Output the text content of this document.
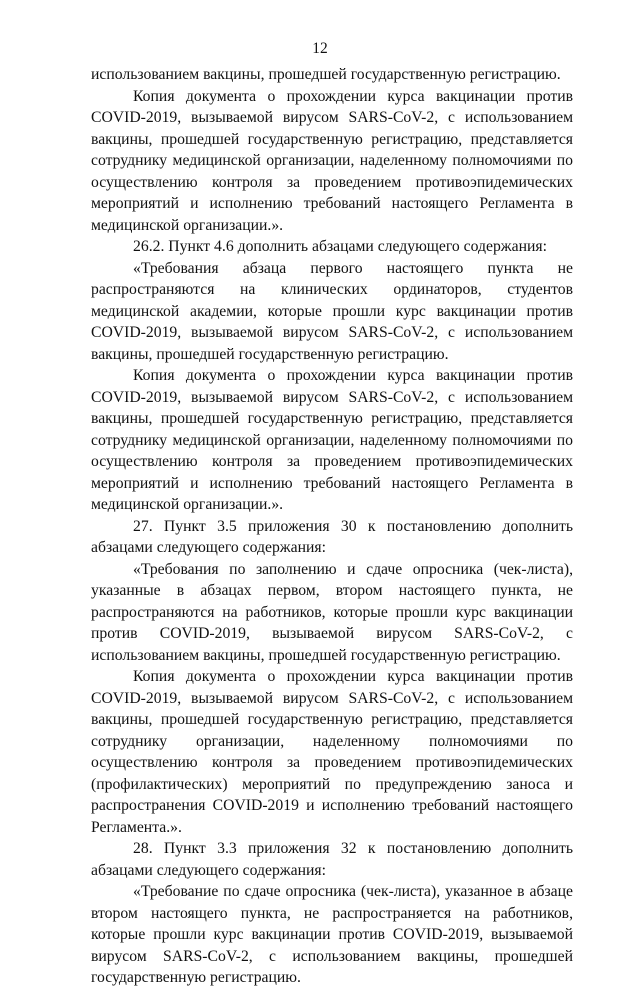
12

использованием вакцины, прошедшей государственную регистрацию.

Копия документа о прохождении курса вакцинации против COVID-2019, вызываемой вирусом SARS-CoV-2, с использованием вакцины, прошедшей государственную регистрацию, представляется сотруднику медицинской организации, наделенному полномочиями по осуществлению контроля за проведением противоэпидемических мероприятий и исполнению требований настоящего Регламента в медицинской организации.».

26.2. Пункт 4.6 дополнить абзацами следующего содержания:

«Требования абзаца первого настоящего пункта не распространяются на клинических ординаторов, студентов медицинской академии, которые прошли курс вакцинации против COVID-2019, вызываемой вирусом SARS-CoV-2, с использованием вакцины, прошедшей государственную регистрацию.

Копия документа о прохождении курса вакцинации против COVID-2019, вызываемой вирусом SARS-CoV-2, с использованием вакцины, прошедшей государственную регистрацию, представляется сотруднику медицинской организации, наделенному полномочиями по осуществлению контроля за проведением противоэпидемических мероприятий и исполнению требований настоящего Регламента в медицинской организации.».

27. Пункт 3.5 приложения 30 к постановлению дополнить абзацами следующего содержания:

«Требования по заполнению и сдаче опросника (чек-листа), указанные в абзацах первом, втором настоящего пункта, не распространяются на работников, которые прошли курс вакцинации против COVID-2019, вызываемой вирусом SARS-CoV-2, с использованием вакцины, прошедшей государственную регистрацию.

Копия документа о прохождении курса вакцинации против COVID-2019, вызываемой вирусом SARS-CoV-2, с использованием вакцины, прошедшей государственную регистрацию, представляется сотруднику организации, наделенному полномочиями по осуществлению контроля за проведением противоэпидемических (профилактических) мероприятий по предупреждению заноса и распространения COVID-2019 и исполнению требований настоящего Регламента.».

28. Пункт 3.3 приложения 32 к постановлению дополнить абзацами следующего содержания:

«Требование по сдаче опросника (чек-листа), указанное в абзаце втором настоящего пункта, не распространяется на работников, которые прошли курс вакцинации против COVID-2019, вызываемой вирусом SARS-CoV-2, с использованием вакцины, прошедшей государственную регистрацию.
